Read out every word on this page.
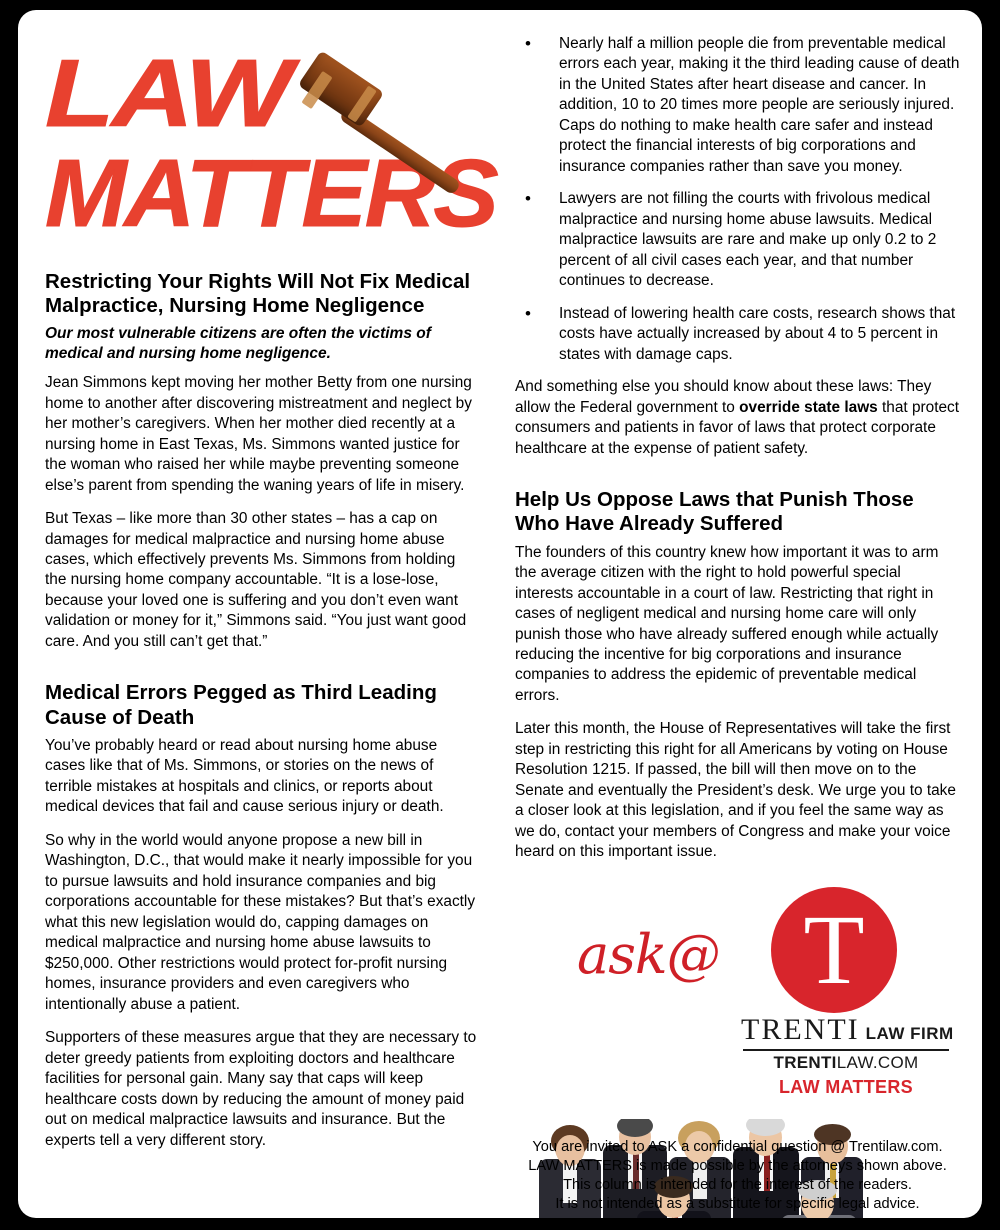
LAW
MATTERS
Restricting Your Rights Will Not Fix Medical Malpractice, Nursing Home Negligence

Our most vulnerable citizens are often the victims of medical and nursing home negligence.

Jean Simmons kept moving her mother Betty from one nursing home to another after discovering mistreatment and neglect by her mother’s caregivers. When her mother died recently at a nursing home in East Texas, Ms. Simmons wanted justice for the woman who raised her while maybe preventing someone else’s parent from spending the waning years of life in misery.

But Texas – like more than 30 other states – has a cap on damages for medical malpractice and nursing home abuse cases, which effectively prevents Ms. Simmons from holding the nursing home company accountable. “It is a lose-lose, because your loved one is suffering and you don’t even want validation or money for it,” Simmons said. “You just want good care. And you still can’t get that.”

Medical Errors Pegged as Third Leading Cause of Death

You’ve probably heard or read about nursing home abuse cases like that of Ms. Simmons, or stories on the news of terrible mistakes at hospitals and clinics, or reports about medical devices that fail and cause serious injury or death.

So why in the world would anyone propose a new bill in Washington, D.C., that would make it nearly impossible for you to pursue lawsuits and hold insurance companies and big corporations accountable for these mistakes? But that’s exactly what this new legislation would do, capping damages on medical malpractice and nursing home abuse lawsuits to $250,000. Other restrictions would protect for-profit nursing homes, insurance providers and even caregivers who intentionally abuse a patient.

Supporters of these measures argue that they are necessary to deter greedy patients from exploiting doctors and healthcare facilities for personal gain. Many say that caps will keep healthcare costs down by reducing the amount of money paid out on medical malpractice lawsuits and insurance. But the experts tell a very different story.

• Nearly half a million people die from preventable medical errors each year, making it the third leading cause of death in the United States after heart disease and cancer. In addition, 10 to 20 times more people are seriously injured. Caps do nothing to make health care safer and instead protect the financial interests of big corporations and insurance companies rather than save you money.
• Lawyers are not filling the courts with frivolous medical malpractice and nursing home abuse lawsuits. Medical malpractice lawsuits are rare and make up only 0.2 to 2 percent of all civil cases each year, and that number continues to decrease.
• Instead of lowering health care costs, research shows that costs have actually increased by about 4 to 5 percent in states with damage caps.

And something else you should know about these laws: They allow the Federal government to override state laws that protect consumers and patients in favor of laws that protect corporate healthcare at the expense of patient safety.

Help Us Oppose Laws that Punish Those Who Have Already Suffered

The founders of this country knew how important it was to arm the average citizen with the right to hold powerful special interests accountable in a court of law. Restricting that right in cases of negligent medical and nursing home care will only punish those who have already suffered enough while actually reducing the incentive for big corporations and insurance companies to address the epidemic of preventable medical errors.

Later this month, the House of Representatives will take the first step in restricting this right for all Americans by voting on House Resolution 1215. If passed, the bill will then move on to the Senate and eventually the President’s desk. We urge you to take a closer look at this legislation, and if you feel the same way as we do, contact your members of Congress and make your voice heard on this important issue.

ask@ T
TRENTI LAW FIRM
TRENTILAW.COM
LAW MATTERS
You are invited to ASK a confidential question @ Trentilaw.com.
LAW MATTERS is made possible by the attorneys shown above.
This column is intended for the interest of the readers.
It is not intended as a substitute for specific legal advice.
